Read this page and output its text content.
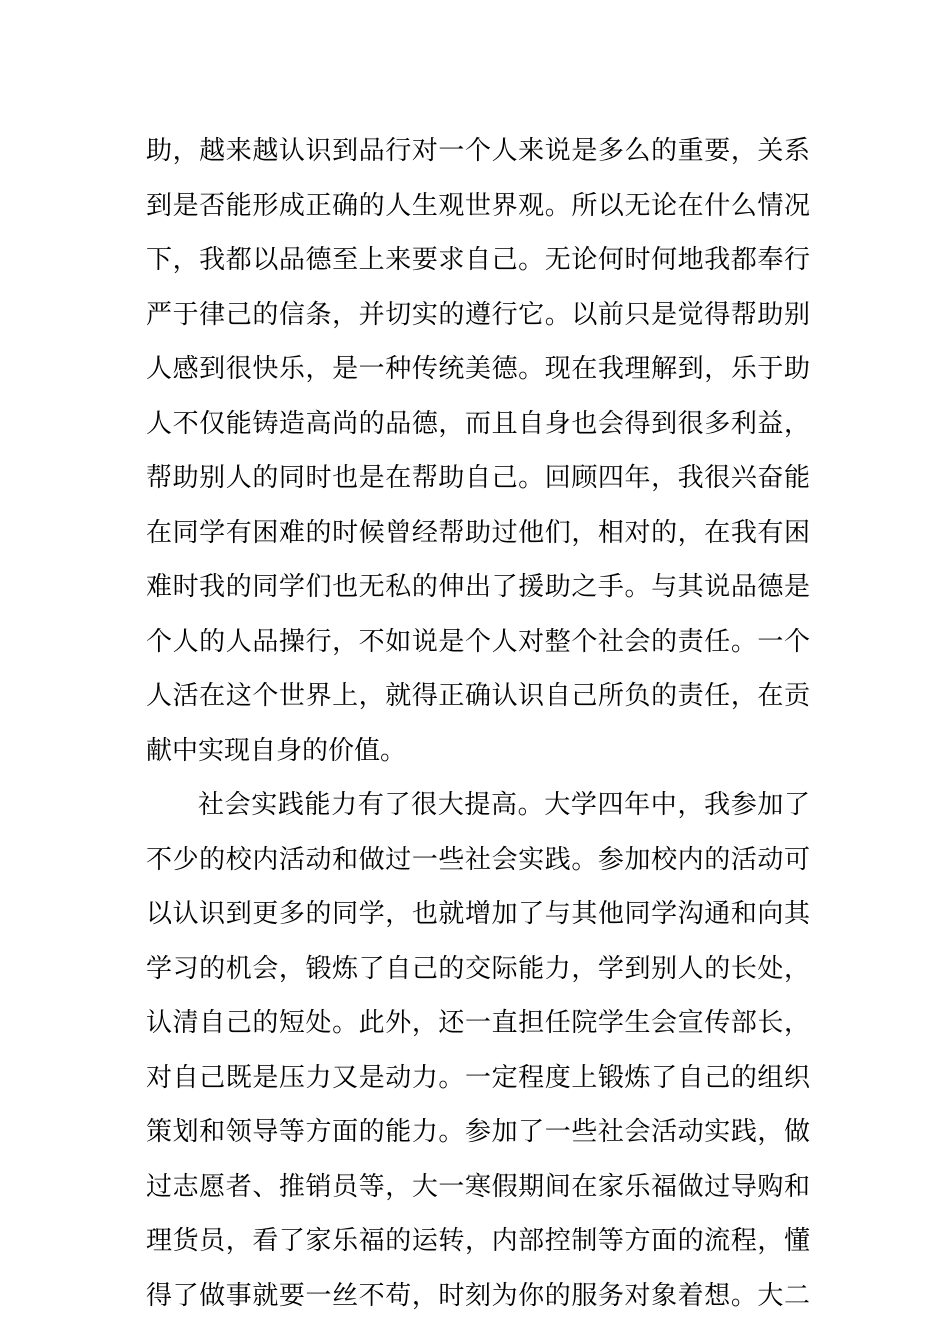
助，越来越认识到品行对一个人来说是多么的重要，关系
到是否能形成正确的人生观世界观。所以无论在什么情况
下，我都以品德至上来要求自己。无论何时何地我都奉行
严于律己的信条，并切实的遵行它。以前只是觉得帮助别
人感到很快乐，是一种传统美德。现在我理解到，乐于助
人不仅能铸造高尚的品德，而且自身也会得到很多利益，
帮助别人的同时也是在帮助自己。回顾四年，我很兴奋能
在同学有困难的时候曾经帮助过他们，相对的，在我有困
难时我的同学们也无私的伸出了援助之手。与其说品德是
个人的人品操行，不如说是个人对整个社会的责任。一个
人活在这个世界上，就得正确认识自己所负的责任，在贡
献中实现自身的价值。
社会实践能力有了很大提高。大学四年中，我参加了
不少的校内活动和做过一些社会实践。参加校内的活动可
以认识到更多的同学，也就增加了与其他同学沟通和向其
学习的机会，锻炼了自己的交际能力，学到别人的长处，
认清自己的短处。此外，还一直担任院学生会宣传部长，
对自己既是压力又是动力。一定程度上锻炼了自己的组织
策划和领导等方面的能力。参加了一些社会活动实践，做
过志愿者、推销员等，大一寒假期间在家乐福做过导购和
理货员，看了家乐福的运转，内部控制等方面的流程，懂
得了做事就要一丝不苟，时刻为你的服务对象着想。大二
